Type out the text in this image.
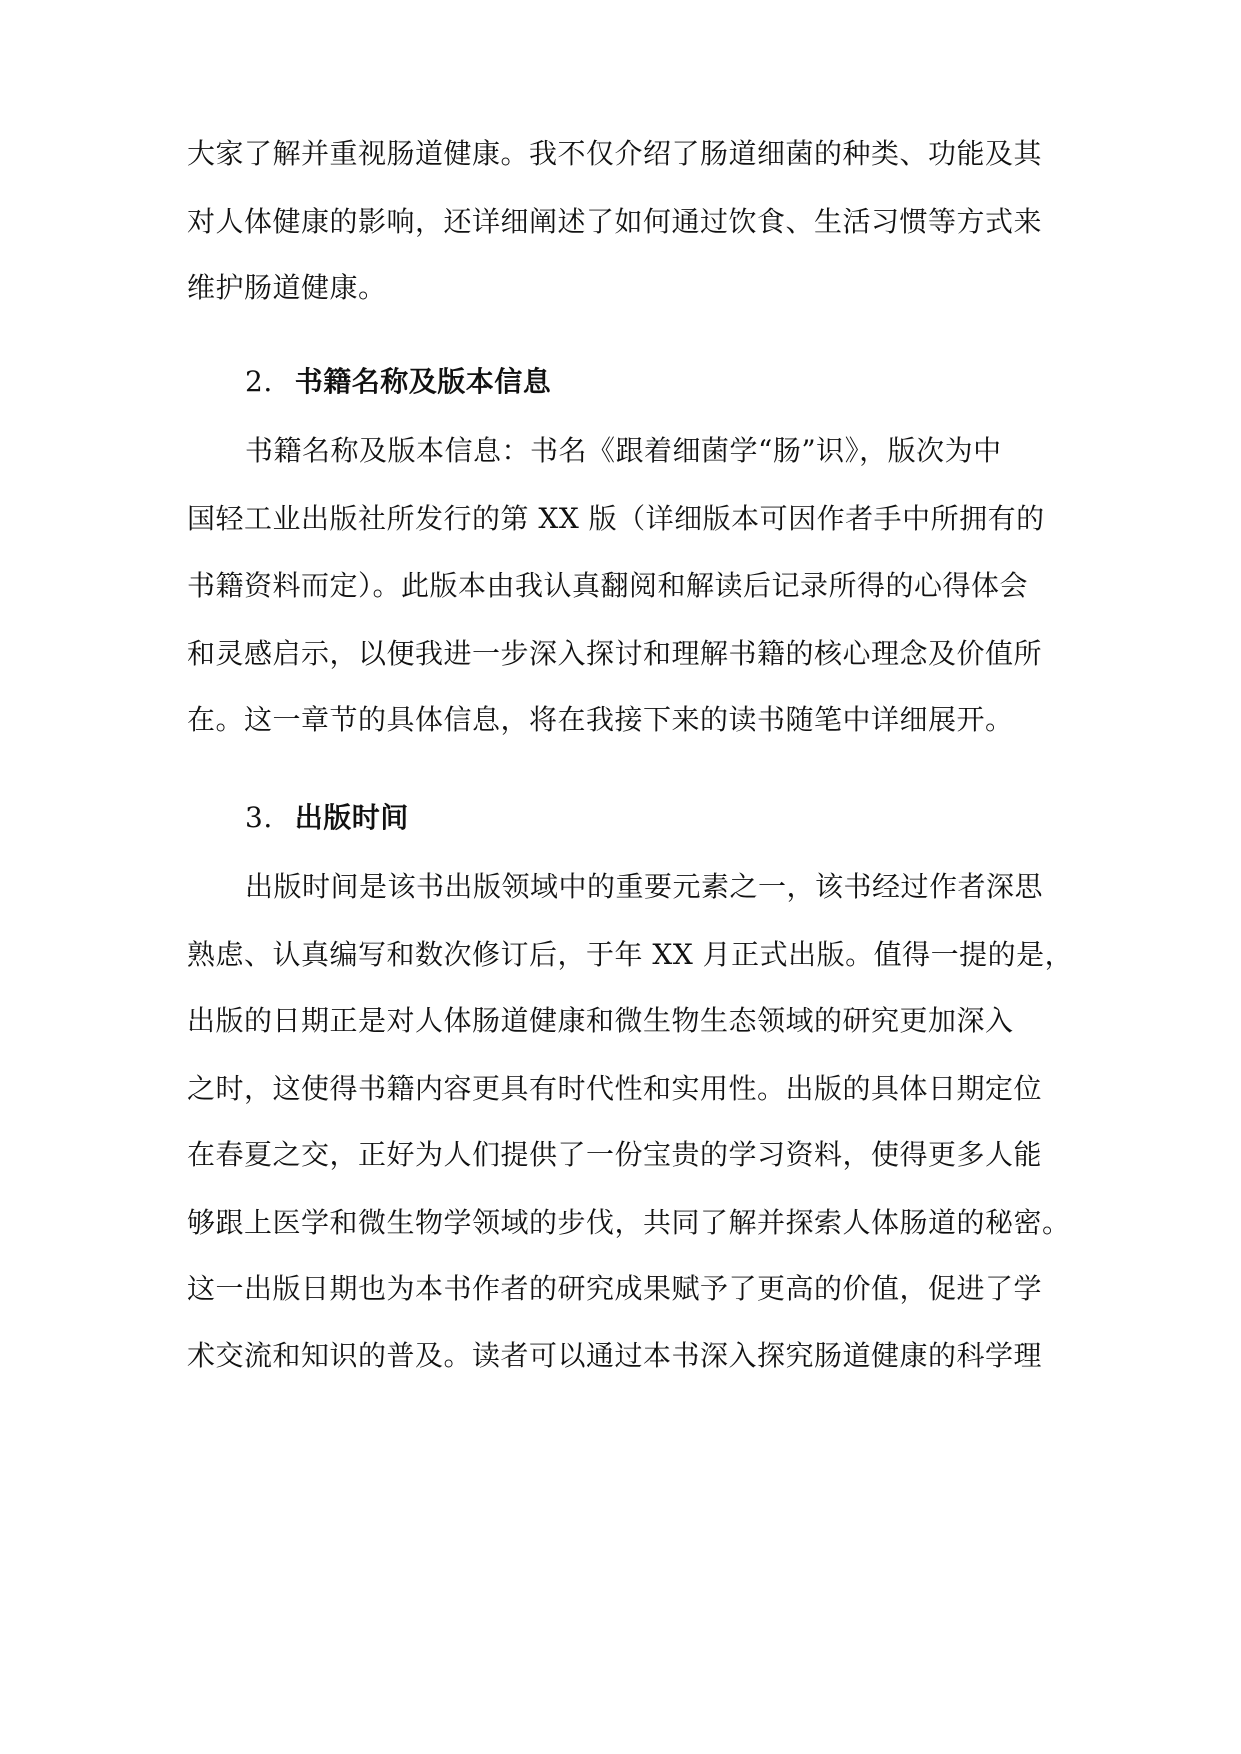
大家了解并重视肠道健康。我不仅介绍了肠道细菌的种类、功能及其
对人体健康的影响，还详细阐述了如何通过饮食、生活习惯等方式来
维护肠道健康。
2. 书籍名称及版本信息
书籍名称及版本信息：书名《跟着细菌学“肠”识》，版次为中
国轻工业出版社所发行的第 XX 版（详细版本可因作者手中所拥有的
书籍资料而定）。此版本由我认真翻阅和解读后记录所得的心得体会
和灵感启示，以便我进一步深入探讨和理解书籍的核心理念及价值所
在。这一章节的具体信息，将在我接下来的读书随笔中详细展开。
3. 出版时间
出版时间是该书出版领域中的重要元素之一，该书经过作者深思
熟虑、认真编写和数次修订后，于年 XX 月正式出版。值得一提的是，
出版的日期正是对人体肠道健康和微生物生态领域的研究更加深入
之时，这使得书籍内容更具有时代性和实用性。出版的具体日期定位
在春夏之交，正好为人们提供了一份宝贵的学习资料，使得更多人能
够跟上医学和微生物学领域的步伐，共同了解并探索人体肠道的秘密。
这一出版日期也为本书作者的研究成果赋予了更高的价值，促进了学
术交流和知识的普及。读者可以通过本书深入探究肠道健康的科学理
